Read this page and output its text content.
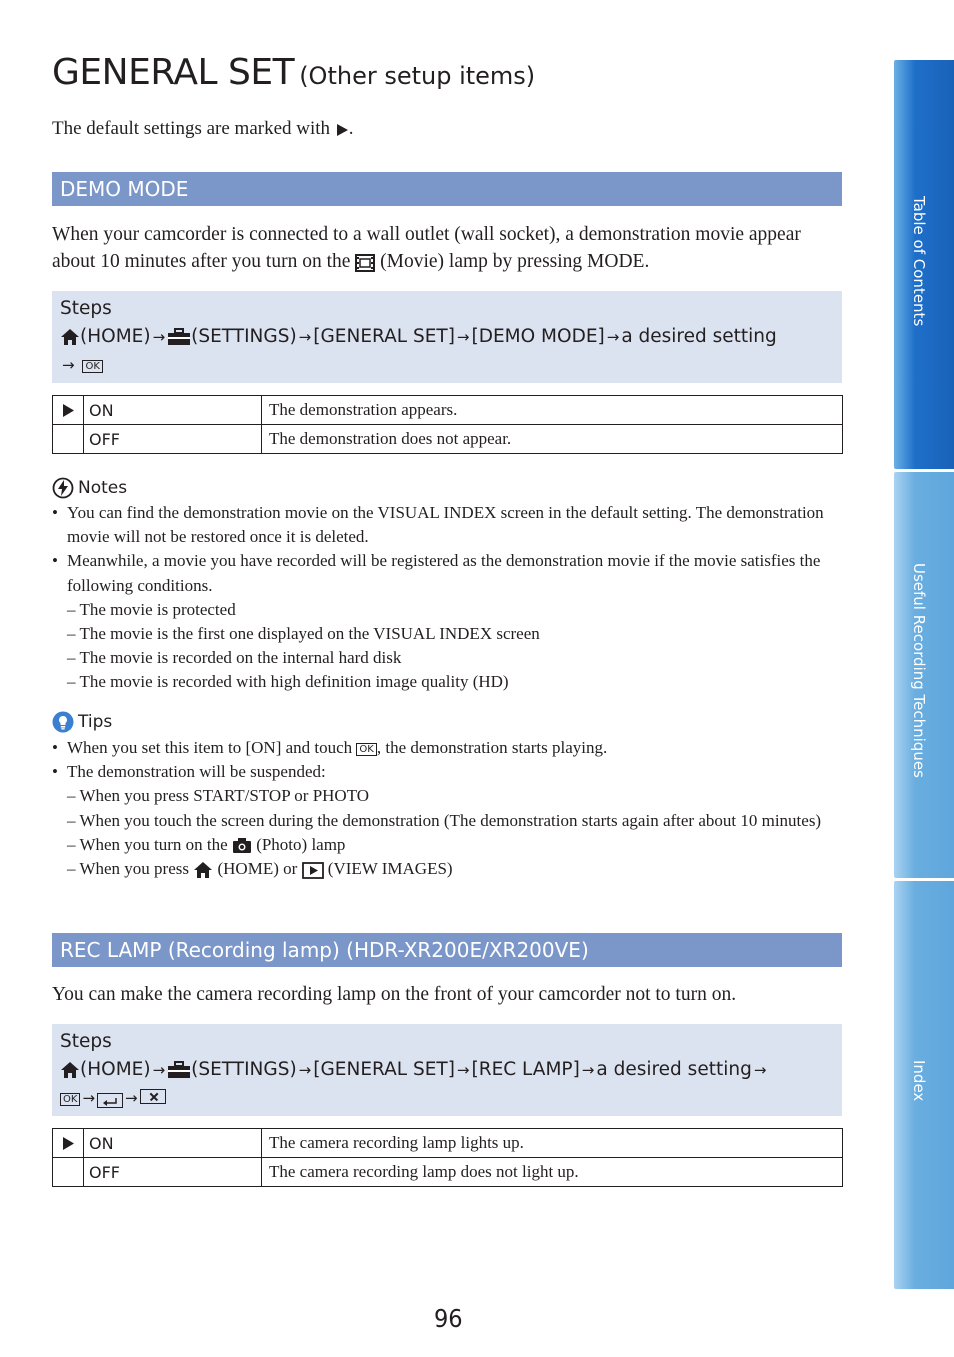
GENERAL SET (Other setup items)
The default settings are marked with .
DEMO MODE
When your camcorder is connected to a wall outlet (wall socket), a demonstration movie appear about 10 minutes after you turn on the (Movie) lamp by pressing MODE.
Steps
(HOME) → (SETTINGS) → [GENERAL SET] → [DEMO MODE] → a desired setting
→ OK
	ON	The demonstration appears.
	OFF	The demonstration does not appear.
Notes
• You can find the demonstration movie on the VISUAL INDEX screen in the default setting. The demonstration movie will not be restored once it is deleted.
• Meanwhile, a movie you have recorded will be registered as the demonstration movie if the movie satisfies the following conditions.
– The movie is protected
– The movie is the first one displayed on the VISUAL INDEX screen
– The movie is recorded on the internal hard disk
– The movie is recorded with high definition image quality (HD)
Tips
• When you set this item to [ON] and touch OK , the demonstration starts playing.
• The demonstration will be suspended:
– When you press START/STOP or PHOTO
– When you touch the screen during the demonstration (The demonstration starts again after about 10 minutes)
– When you turn on the (Photo) lamp
– When you press (HOME) or (VIEW IMAGES)
REC LAMP (Recording lamp) (HDR-XR200E/XR200VE)
You can make the camera recording lamp on the front of your camcorder not to turn on.
Steps
(HOME) → (SETTINGS) → [GENERAL SET] → [REC LAMP] → a desired setting →
OK → →
	ON	The camera recording lamp lights up.
	OFF	The camera recording lamp does not light up.
Table of Contents
Useful Recording Techniques
Index
96
